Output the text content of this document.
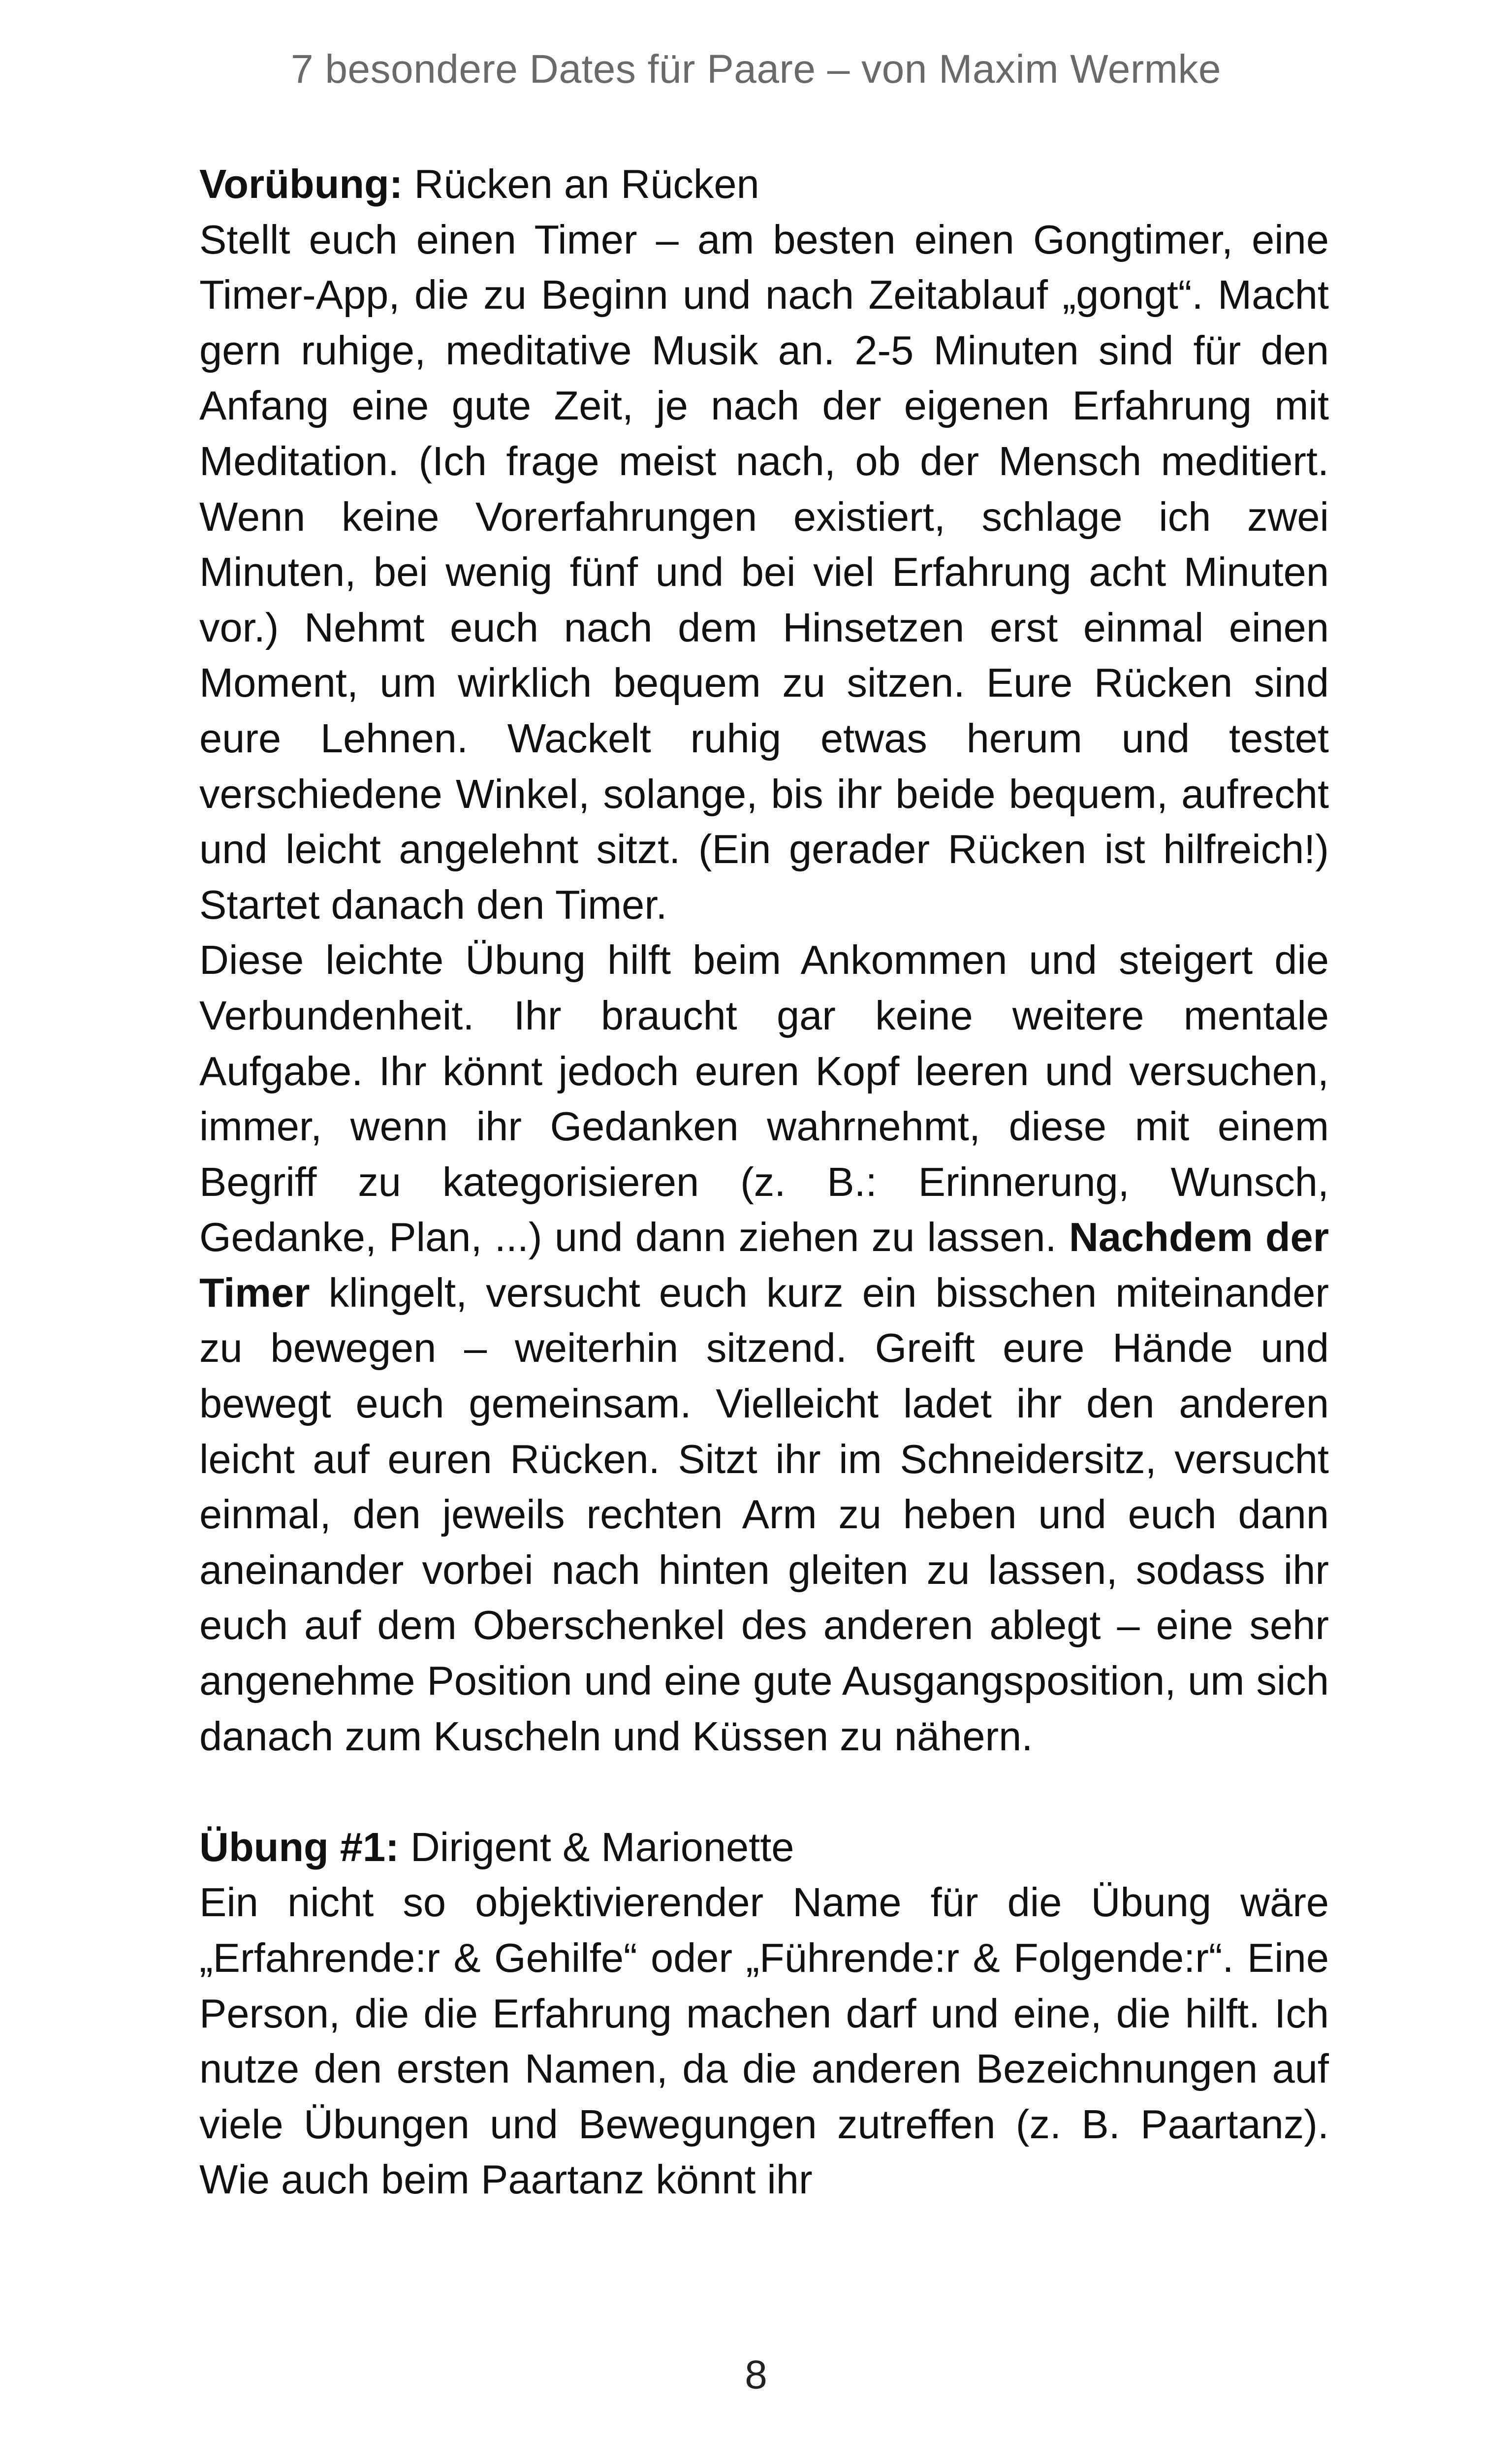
7 besondere Dates für Paare – von Maxim Wermke

Vorübung: Rücken an Rücken

Stellt euch einen Timer – am besten einen Gongtimer, eine Timer-App, die zu Beginn und nach Zeitablauf „gongt“. Macht gern ruhige, meditative Musik an. 2-5 Minuten sind für den Anfang eine gute Zeit, je nach der eigenen Erfahrung mit Meditation. (Ich frage meist nach, ob der Mensch meditiert. Wenn keine Vorerfahrungen existiert, schlage ich zwei Minuten, bei wenig fünf und bei viel Erfahrung acht Minuten vor.) Nehmt euch nach dem Hinsetzen erst einmal einen Moment, um wirklich bequem zu sitzen. Eure Rücken sind eure Lehnen. Wackelt ruhig etwas herum und testet verschiedene Winkel, solange, bis ihr beide bequem, aufrecht und leicht angelehnt sitzt. (Ein gerader Rücken ist hilfreich!) Startet danach den Timer.

Diese leichte Übung hilft beim Ankommen und steigert die Verbundenheit. Ihr braucht gar keine weitere mentale Aufgabe. Ihr könnt jedoch euren Kopf leeren und versuchen, immer, wenn ihr Gedanken wahrnehmt, diese mit einem Begriff zu kategorisieren (z. B.: Erinnerung, Wunsch, Gedanke, Plan, ...) und dann ziehen zu lassen. Nachdem der Timer klingelt, versucht euch kurz ein bisschen miteinander zu bewegen – weiterhin sitzend. Greift eure Hände und bewegt euch gemeinsam. Vielleicht ladet ihr den anderen leicht auf euren Rücken. Sitzt ihr im Schneidersitz, versucht einmal, den jeweils rechten Arm zu heben und euch dann aneinander vorbei nach hinten gleiten zu lassen, sodass ihr euch auf dem Oberschenkel des anderen ablegt – eine sehr angenehme Position und eine gute Ausgangsposition, um sich danach zum Kuscheln und Küssen zu nähern.

Übung #1: Dirigent & Marionette

Ein nicht so objektivierender Name für die Übung wäre „Erfahrende:r & Gehilfe“ oder „Führende:r & Folgende:r“. Eine Person, die die Erfahrung machen darf und eine, die hilft. Ich nutze den ersten Namen, da die anderen Bezeichnungen auf viele Übungen und Bewegungen zutreffen (z. B. Paartanz). Wie auch beim Paartanz könnt ihr

8
